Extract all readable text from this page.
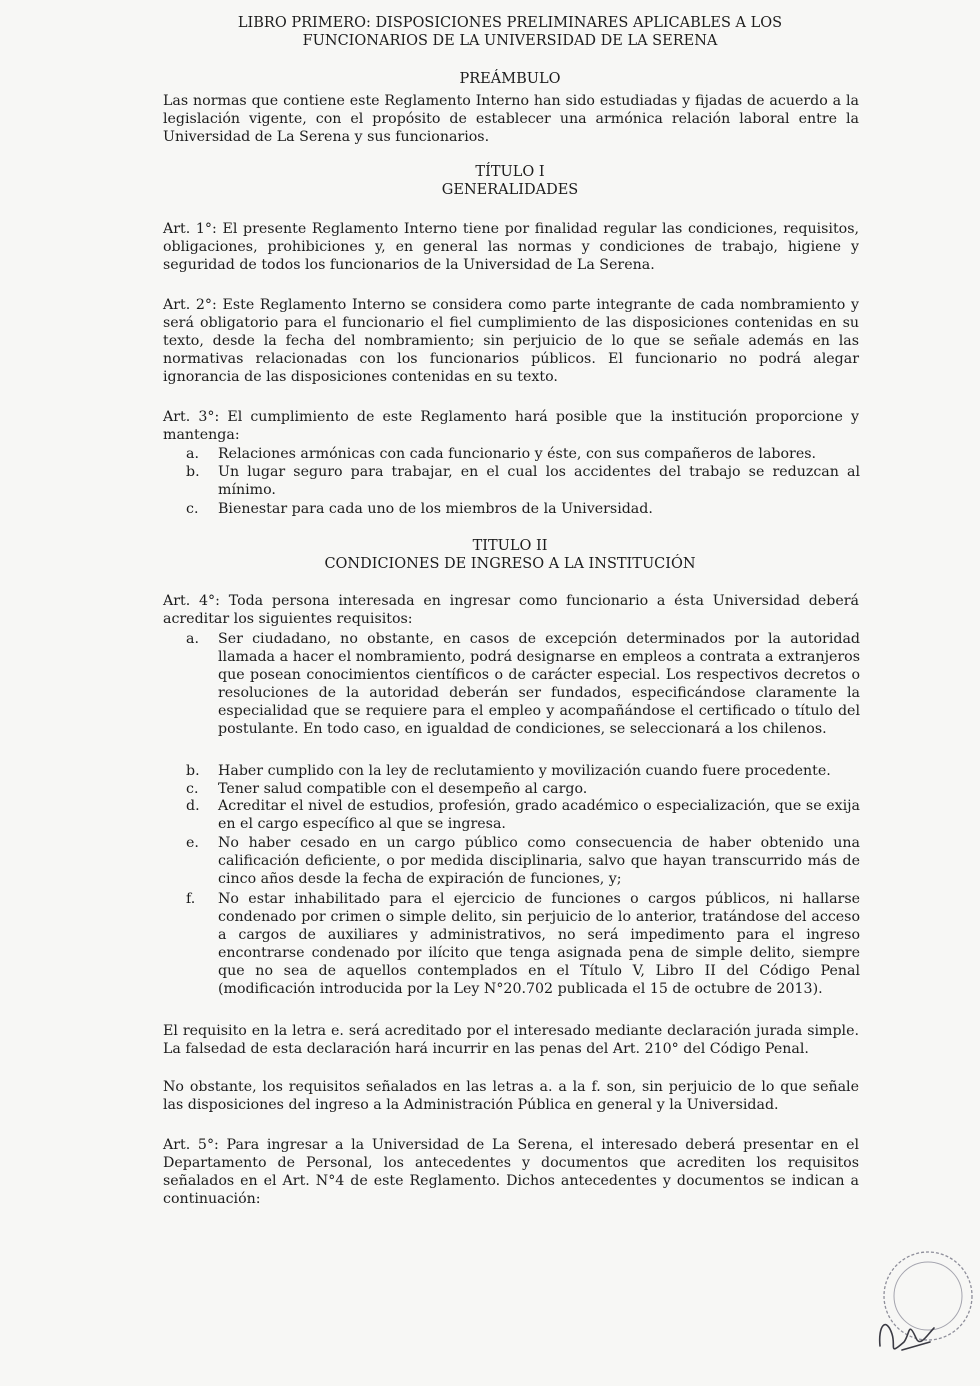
LIBRO PRIMERO: DISPOSICIONES PRELIMINARES APLICABLES A LOS
FUNCIONARIOS DE LA UNIVERSIDAD DE LA SERENA
PREÁMBULO
Las normas que contiene este Reglamento Interno han sido estudiadas y fijadas de acuerdo a la legislación vigente, con el propósito de establecer una armónica relación laboral entre la Universidad de La Serena y sus funcionarios.
TÍTULO I
GENERALIDADES
Art. 1°: El presente Reglamento Interno tiene por finalidad regular las condiciones, requisitos, obligaciones, prohibiciones y, en general las normas y condiciones de trabajo, higiene y seguridad de todos los funcionarios de la Universidad de La Serena.
Art. 2°: Este Reglamento Interno se considera como parte integrante de cada nombramiento y será obligatorio para el funcionario el fiel cumplimiento de las disposiciones contenidas en su texto, desde la fecha del nombramiento; sin perjuicio de lo que se señale además en las normativas relacionadas con los funcionarios públicos. El funcionario no podrá alegar ignorancia de las disposiciones contenidas en su texto.
Art. 3°: El cumplimiento de este Reglamento hará posible que la institución proporcione y mantenga:
a.	Relaciones armónicas con cada funcionario y éste, con sus compañeros de labores.
b.	Un lugar seguro para trabajar, en el cual los accidentes del trabajo se reduzcan al mínimo.
c.	Bienestar para cada uno de los miembros de la Universidad.
TITULO II
CONDICIONES DE INGRESO A LA INSTITUCIÓN
Art. 4°: Toda persona interesada en ingresar como funcionario a ésta Universidad deberá acreditar los siguientes requisitos:
a.	Ser ciudadano, no obstante, en casos de excepción determinados por la autoridad llamada a hacer el nombramiento, podrá designarse en empleos a contrata a extranjeros que posean conocimientos científicos o de carácter especial. Los respectivos decretos o resoluciones de la autoridad deberán ser fundados, especificándose claramente la especialidad que se requiere para el empleo y acompañándose el certificado o título del postulante. En todo caso, en igualdad de condiciones, se seleccionará a los chilenos.
b.	Haber cumplido con la ley de reclutamiento y movilización cuando fuere procedente.
c.	Tener salud compatible con el desempeño al cargo.
d.	Acreditar el nivel de estudios, profesión, grado académico o especialización, que se exija en el cargo específico al que se ingresa.
e.	No haber cesado en un cargo público como consecuencia de haber obtenido una calificación deficiente, o por medida disciplinaria, salvo que hayan transcurrido más de cinco años desde la fecha de expiración de funciones, y;
f.	No estar inhabilitado para el ejercicio de funciones o cargos públicos, ni hallarse condenado por crimen o simple delito, sin perjuicio de lo anterior, tratándose del acceso a cargos de auxiliares y administrativos, no será impedimento para el ingreso encontrarse condenado por ilícito que tenga asignada pena de simple delito, siempre que no sea de aquellos contemplados en el Título V, Libro II del Código Penal (modificación introducida por la Ley N°20.702 publicada el 15 de octubre de 2013).
El requisito en la letra e. será acreditado por el interesado mediante declaración jurada simple. La falsedad de esta declaración hará incurrir en las penas del Art. 210° del Código Penal.
No obstante, los requisitos señalados en las letras a. a la f. son, sin perjuicio de lo que señale las disposiciones del ingreso a la Administración Pública en general y la Universidad.
Art. 5°: Para ingresar a la Universidad de La Serena, el interesado deberá presentar en el Departamento de Personal, los antecedentes y documentos que acrediten los requisitos señalados en el Art. N°4 de este Reglamento. Dichos antecedentes y documentos se indican a continuación:
